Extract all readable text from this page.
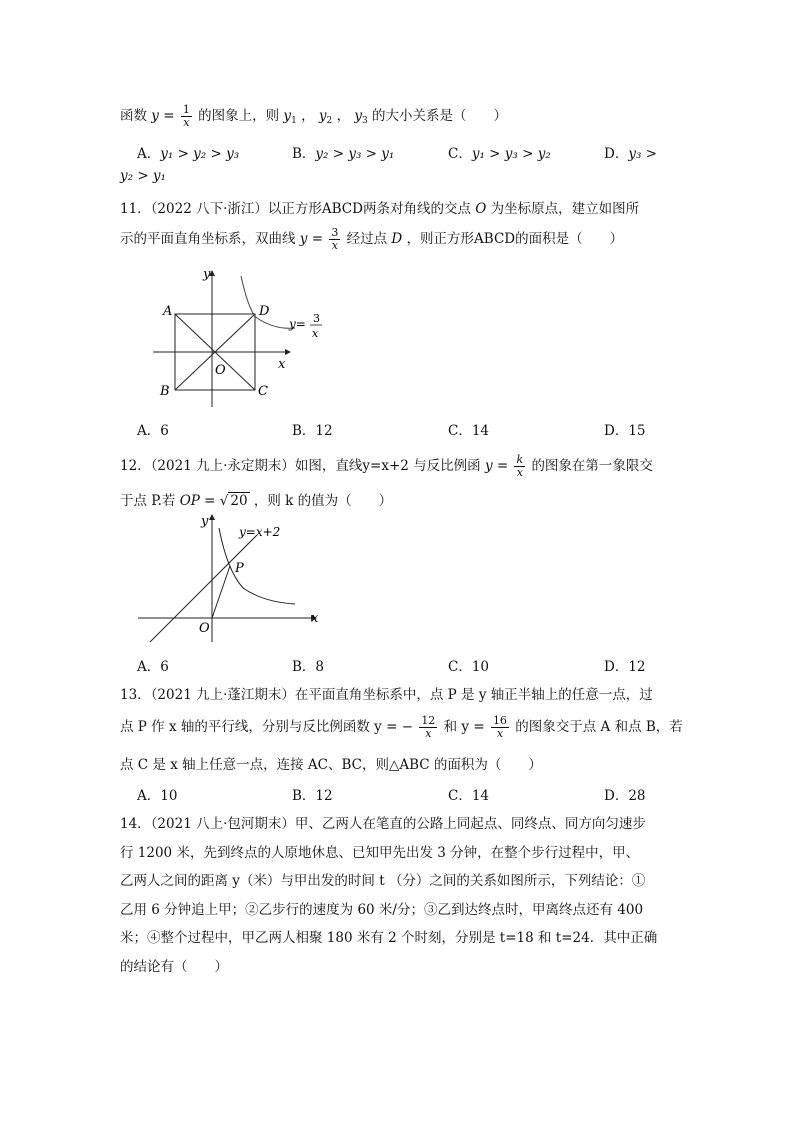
函数 $y = \frac{1}{x}$ 的图象上，则 $y_1$ ， $y_2$ ， $y_3$ 的大小关系是（　　）
A．y₁ > y₂ > y₃	B．y₂ > y₃ > y₁	C．y₁ > y₃ > y₂	D．y₃ >
y₂ > y₁
11．（2022 八下·浙江）以正方形ABCD两条对角线的交点 O 为坐标原点，建立如图所
示的平面直角坐标系，双曲线 $y = \frac{3}{x}$ 经过点 D ，则正方形ABCD的面积是（　　）
y
x
A	D
B	C
O
y= 3
x
A．6	B．12	C．14	D．15
12．（2021 九上·永定期末）如图，直线y=x+2 与反比例函 $y = \frac{k}{x}$ 的图象在第一象限交
于点 P.若 OP = √ 20 ，则 k 的值为（　　）
y
x
O
P
y=x+2
A．6	B．8	C．10	D．12
13．（2021 九上·蓬江期末）在平面直角坐标系中，点 P 是 y 轴正半轴上的任意一点，过
点 P 作 x 轴的平行线，分别与反比例函数 y = − $\frac{12}{x}$ 和 $y = \frac{16}{x}$ 的图象交于点 A 和点 B，若
点 C 是 x 轴上任意一点，连接 AC、BC，则△ABC 的面积为（　　）
A．10	B．12	C．14	D．28
14．（2021 八上·包河期末）甲、乙两人在笔直的公路上同起点、同终点、同方向匀速步
行 1200 米，先到终点的人原地休息、已知甲先出发 3 分钟，在整个步行过程中，甲、
乙两人之间的距离 y（米）与甲出发的时间 t （分）之间的关系如图所示，下列结论：①
乙用 6 分钟追上甲；②乙步行的速度为 60 米/分；③乙到达终点时，甲离终点还有 400
米；④整个过程中，甲乙两人相聚 180 米有 2 个时刻，分别是 t=18 和 t=24．其中正确
的结论有（　　）
